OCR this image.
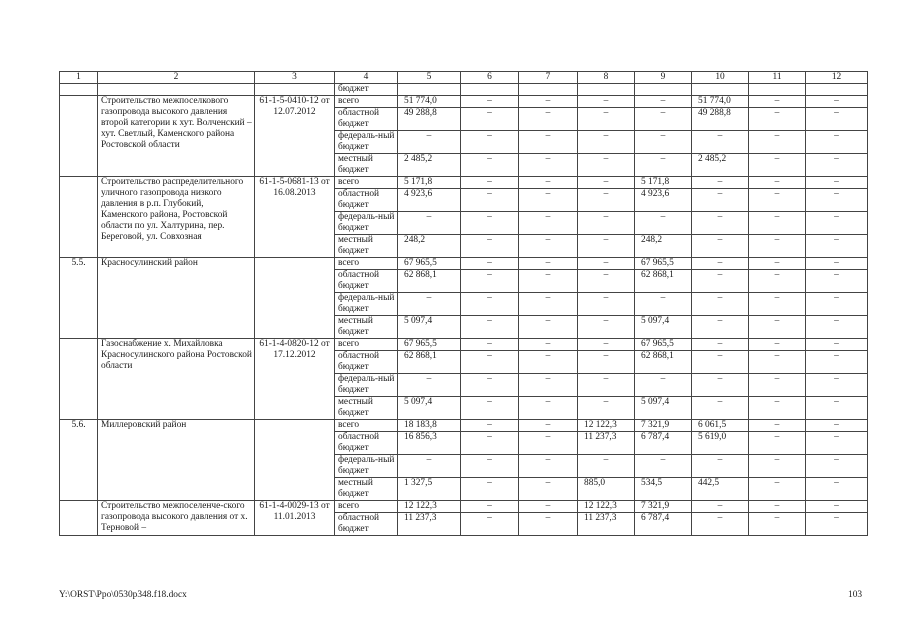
1	2	3	4	5	6	7	8	9	10	11	12
			бюджет								
	Строительство межпоселкового газопровода высокого давления второй категории к хут. Волченский – хут. Светлый, Каменского района Ростовской области	61-1-5-0410-12 от 12.07.2012	всего	51 774,0	–	–	–	–	51 774,0	–	–
			областной бюджет	49 288,8	–	–	–	–	49 288,8	–	–
			федераль-ный бюджет	–	–	–	–	–	–	–	–
			местный бюджет	2 485,2	–	–	–	–	2 485,2	–	–
	Строительство распределительного уличного газопровода низкого давления в р.п. Глубокий, Каменского района, Ростовской области по ул. Халтурина, пер. Береговой, ул. Совхозная	61-1-5-0681-13 от 16.08.2013	всего	5 171,8	–	–	–	5 171,8	–	–	–
			областной бюджет	4 923,6	–	–	–	4 923,6	–	–	–
			федераль-ный бюджет	–	–	–	–	–	–	–	–
			местный бюджет	248,2	–	–	–	248,2	–	–	–
5.5.	Красносулинский район		всего	67 965,5	–	–	–	67 965,5	–	–	–
			областной бюджет	62 868,1	–	–	–	62 868,1	–	–	–
			федераль-ный бюджет	–	–	–	–	–	–	–	–
			местный бюджет	5 097,4	–	–	–	5 097,4	–	–	–
	Газоснабжение х. Михайловка Красносулинского района Ростовской области	61-1-4-0820-12 от 17.12.2012	всего	67 965,5	–	–	–	67 965,5	–	–	–
			областной бюджет	62 868,1	–	–	–	62 868,1	–	–	–
			федераль-ный бюджет	–	–	–	–	–	–	–	–
			местный бюджет	5 097,4	–	–	–	5 097,4	–	–	–
5.6.	Миллеровский район		всего	18 183,8	–	–	12 122,3	7 321,9	6 061,5	–	–
			областной бюджет	16 856,3	–	–	11 237,3	6 787,4	5 619,0	–	–
			федераль-ный бюджет	–	–	–	–	–	–	–	–
			местный бюджет	1 327,5	–	–	885,0	534,5	442,5	–	–
	Строительство межпоселенче-ского газопровода высокого давления от х. Терновой –	61-1-4-0029-13 от 11.01.2013	всего	12 122,3	–	–	12 122,3	7 321,9	–	–	–
			областной бюджет	11 237,3	–	–	11 237,3	6 787,4	–	–	–
Y:\ORST\Ppo\0530p348.f18.docx	103
